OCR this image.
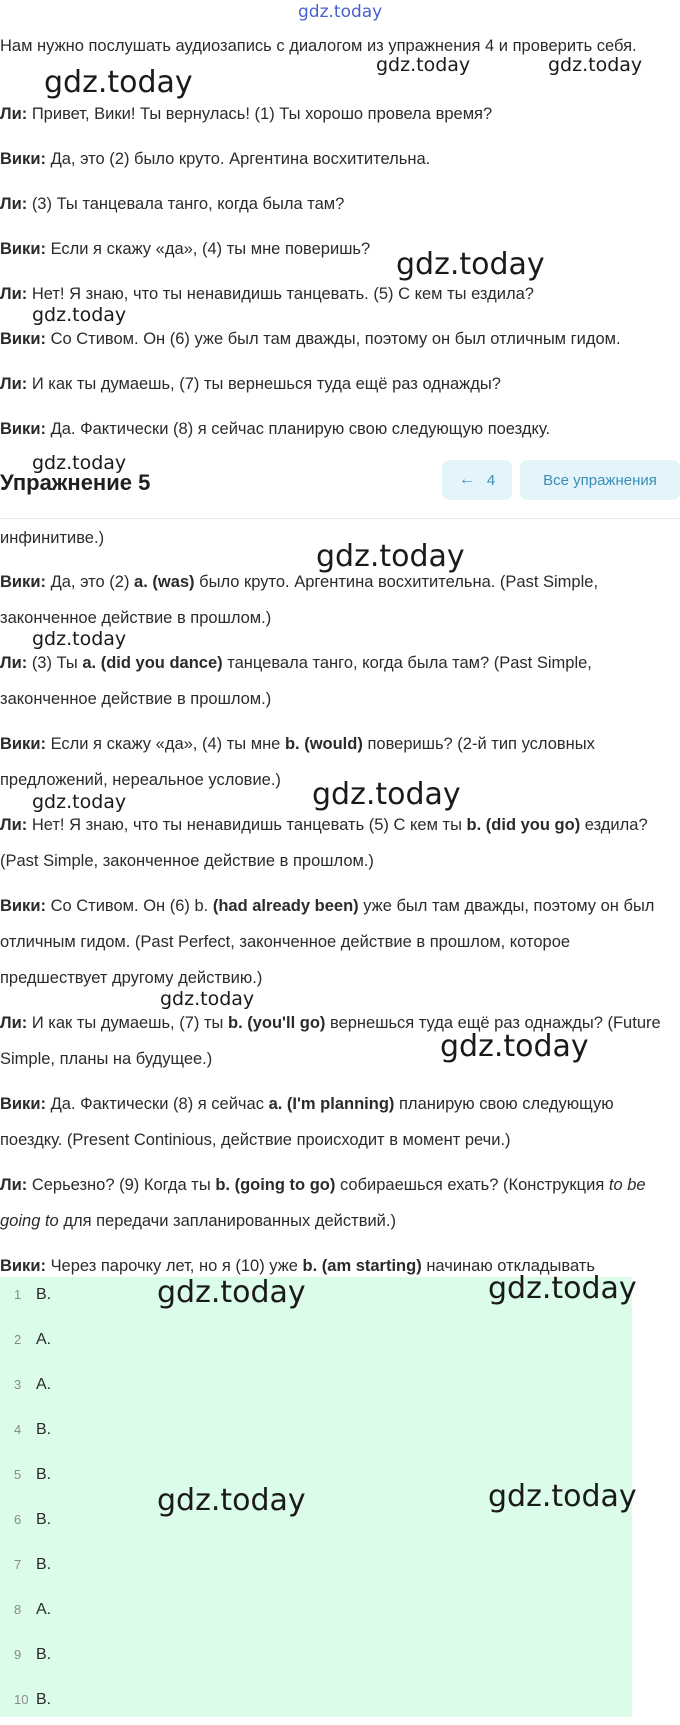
gdz.today

Нам нужно послушать аудиозапись с диалогом из упражнения 4 и проверить себя.

Ли: Привет, Вики! Ты вернулась! (1) Ты хорошо провела время?

Вики: Да, это (2) было круто. Аргентина восхитительна.

Ли: (3) Ты танцевала танго, когда была там?

Вики: Если я скажу «да», (4) ты мне поверишь?

Ли: Нет! Я знаю, что ты ненавидишь танцевать. (5) С кем ты ездила?

Вики: Со Стивом. Он (6) уже был там дважды, поэтому он был отличным гидом.

Ли: И как ты думаешь, (7) ты вернешься туда ещё раз однажды?

Вики: Да. Фактически (8) я сейчас планирую свою следующую поездку.

Упражнение 5	← 4	Все упражнения

инфинитиве.)

Вики: Да, это (2) a. (was) было круто. Аргентина восхитительна. (Past Simple, законченное действие в прошлом.)

Ли: (3) Ты a. (did you dance) танцевала танго, когда была там? (Past Simple, законченное действие в прошлом.)

Вики: Если я скажу «да», (4) ты мне b. (would) поверишь? (2-й тип условных предложений, нереальное условие.)

Ли: Нет! Я знаю, что ты ненавидишь танцевать (5) С кем ты b. (did you go) ездила? (Past Simple, законченное действие в прошлом.)

Вики: Со Стивом. Он (6) b. (had already been) уже был там дважды, поэтому он был отличным гидом. (Past Perfect, законченное действие в прошлом, которое предшествует другому действию.)

Ли: И как ты думаешь, (7) ты b. (you'll go) вернешься туда ещё раз однажды? (Future Simple, планы на будущее.)

Вики: Да. Фактически (8) я сейчас a. (I'm planning) планирую свою следующую поездку. (Present Continious, действие происходит в момент речи.)

Ли: Серьезно? (9) Когда ты b. (going to go) собираешься ехать? (Конструкция to be going to для передачи запланированных действий.)

Вики: Через парочку лет, но я (10) уже b. (am starting) начинаю откладывать

1 B.
2 A.
3 A.
4 B.
5 B.
6 B.
7 B.
8 A.
9 B.
10 B.
gdz.today	gdz.today	gdz.today
gdz.today
gdz.today
gdz.today
gdz.today
gdz.today
gdz.today	gdz.today
gdz.today
gdz.today
gdz.today	gdz.today
gdz.today	gdz.today
